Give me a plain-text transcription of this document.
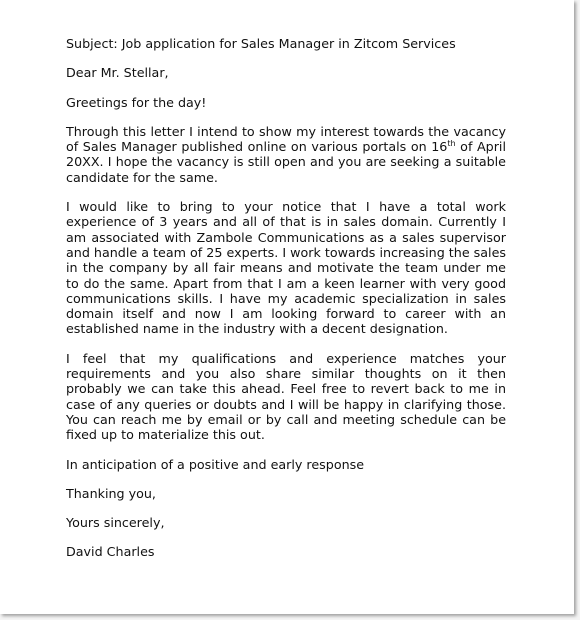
Subject: Job application for Sales Manager in Zitcom Services

Dear Mr. Stellar,

Greetings for the day!

Through this letter I intend to show my interest towards the vacancy of Sales Manager published online on various portals on 16th of April 20XX. I hope the vacancy is still open and you are seeking a suitable candidate for the same.

I would like to bring to your notice that I have a total work experience of 3 years and all of that is in sales domain. Currently I am associated with Zambole Communications as a sales supervisor and handle a team of 25 experts. I work towards increasing the sales in the company by all fair means and motivate the team under me to do the same. Apart from that I am a keen learner with very good communications skills. I have my academic specialization in sales domain itself and now I am looking forward to career with an established name in the industry with a decent designation.

I feel that my qualifications and experience matches your requirements and you also share similar thoughts on it then probably we can take this ahead. Feel free to revert back to me in case of any queries or doubts and I will be happy in clarifying those. You can reach me by email or by call and meeting schedule can be fixed up to materialize this out.

In anticipation of a positive and early response

Thanking you,

Yours sincerely,

David Charles
